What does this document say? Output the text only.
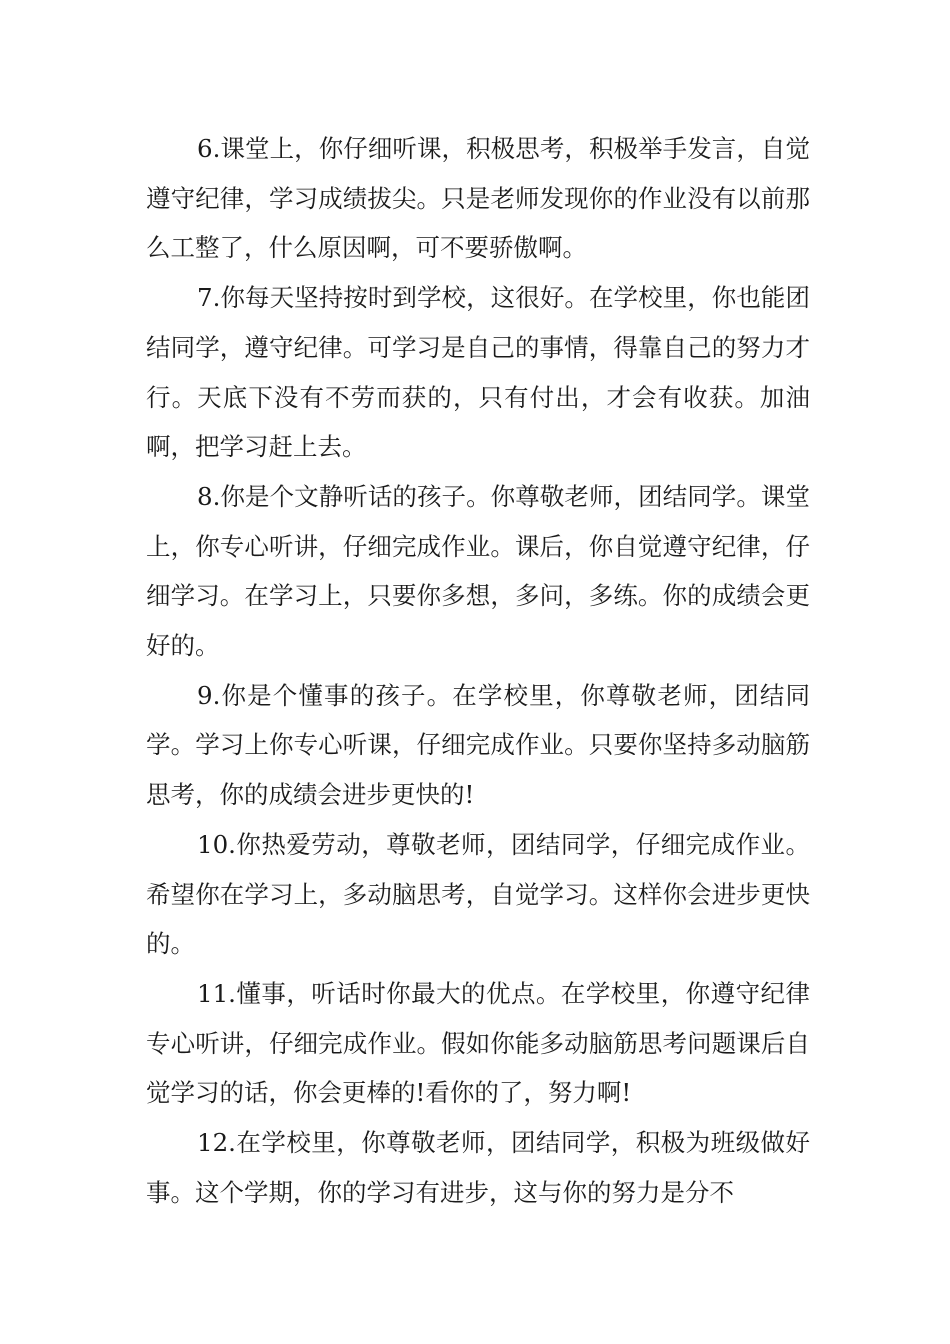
6.课堂上，你仔细听课，积极思考，积极举手发言，自觉遵守纪律，学习成绩拔尖。只是老师发现你的作业没有以前那么工整了，什么原因啊，可不要骄傲啊。

7.你每天坚持按时到学校，这很好。在学校里，你也能团结同学，遵守纪律。可学习是自己的事情，得靠自己的努力才行。天底下没有不劳而获的，只有付出，才会有收获。加油啊，把学习赶上去。

8.你是个文静听话的孩子。你尊敬老师，团结同学。课堂上，你专心听讲，仔细完成作业。课后，你自觉遵守纪律，仔细学习。在学习上，只要你多想，多问，多练。你的成绩会更好的。

9.你是个懂事的孩子。在学校里，你尊敬老师，团结同学。学习上你专心听课，仔细完成作业。只要你坚持多动脑筋思考，你的成绩会进步更快的!

10.你热爱劳动，尊敬老师，团结同学，仔细完成作业。希望你在学习上，多动脑思考，自觉学习。这样你会进步更快的。

11.懂事，听话时你最大的优点。在学校里，你遵守纪律专心听讲，仔细完成作业。假如你能多动脑筋思考问题课后自觉学习的话，你会更棒的!看你的了，努力啊!

12.在学校里，你尊敬老师，团结同学，积极为班级做好事。这个学期，你的学习有进步，这与你的努力是分不
